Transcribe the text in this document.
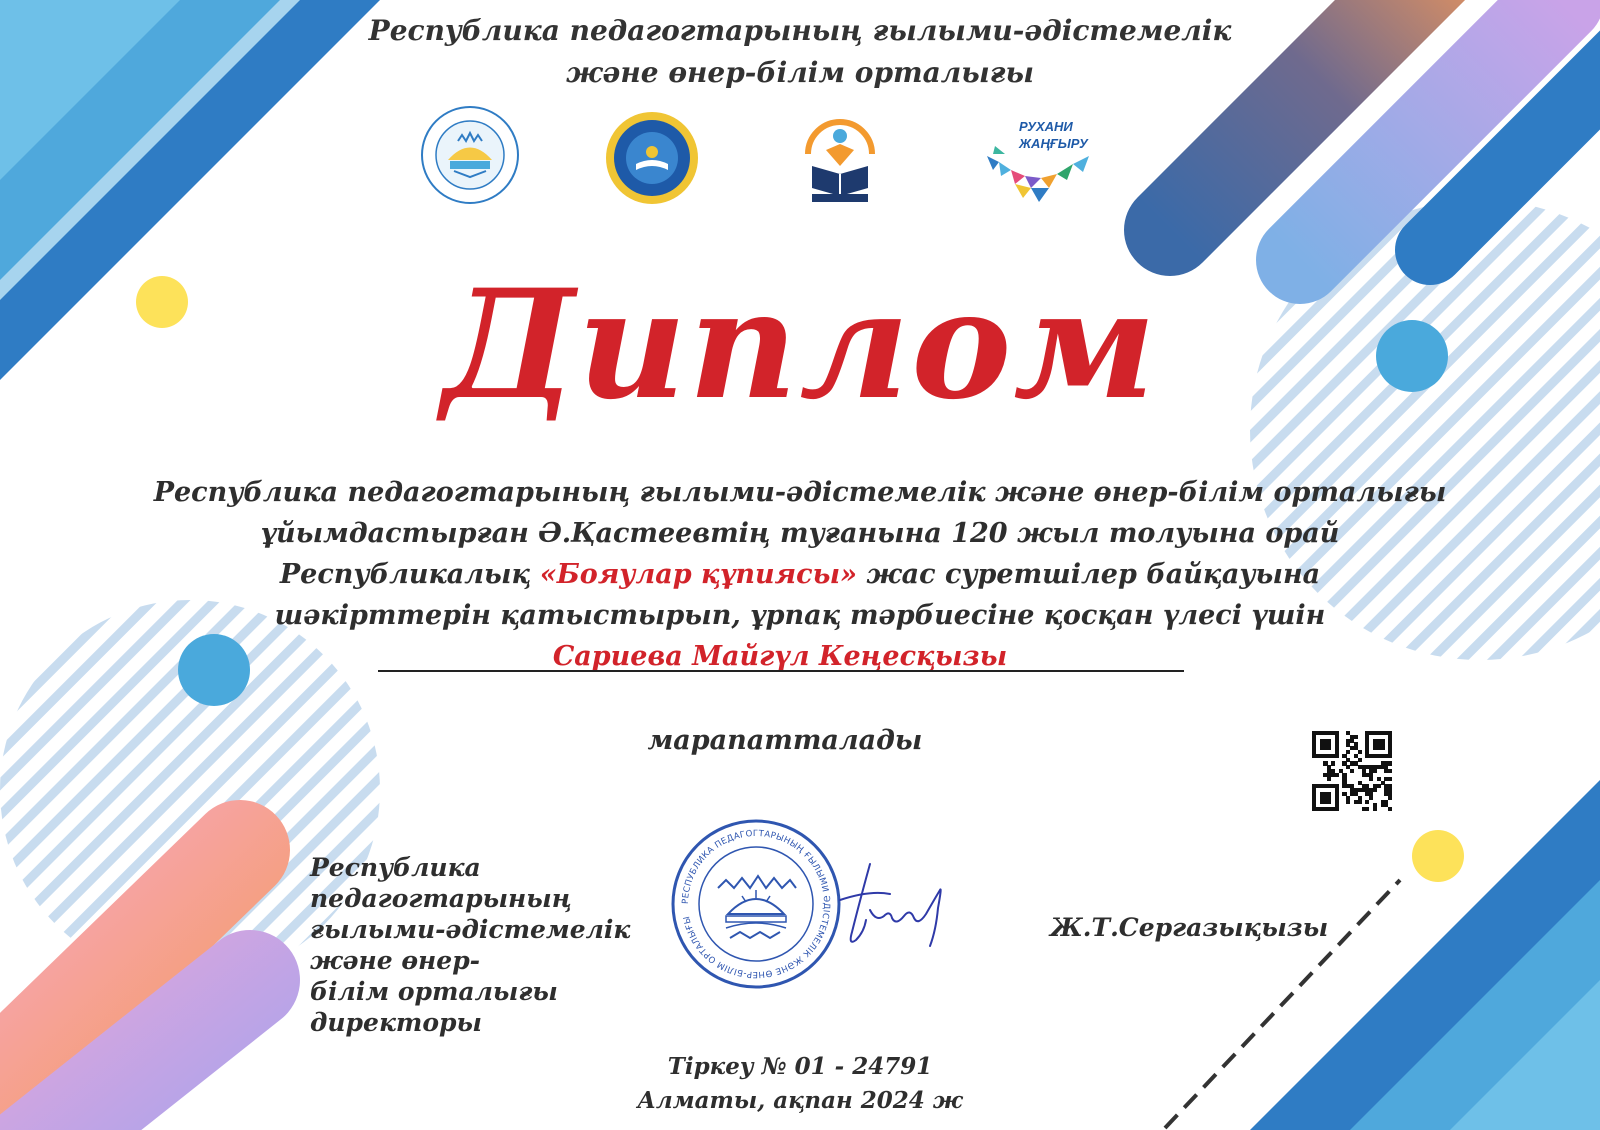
Республика педагогтарының ғылыми-әдістемелік
және өнер-білім орталығы
РУХАНИ
ЖАҢҒЫРУ
Диплом
Республика педагогтарының ғылыми-әдістемелік және өнер-білім орталығы
ұйымдастырған Ә.Қастеевтің туғанына 120 жыл толуына орай
Республикалық «Бояулар құпиясы» жас суретшілер байқауына
шәкірттерін қатыстырып, ұрпақ тәрбиесіне қосқан үлесі үшін
Сариева Майгүл Кеңесқызы
марапатталады
Республика педагогтарының
ғылыми-әдістемелік және өнер-
білім орталығы директоры
РЕСПУБЛИКА ПЕДАГОГТАРЫНЫҢ ҒЫЛЫМИ ӘДІСТЕМЕЛІК ЖӘНЕ ӨНЕР-БІЛІМ ОРТАЛЫҒЫ	Ж.Т.Сергазықызы
Тіркеу № 01 - 24791
Алматы, ақпан 2024 ж
